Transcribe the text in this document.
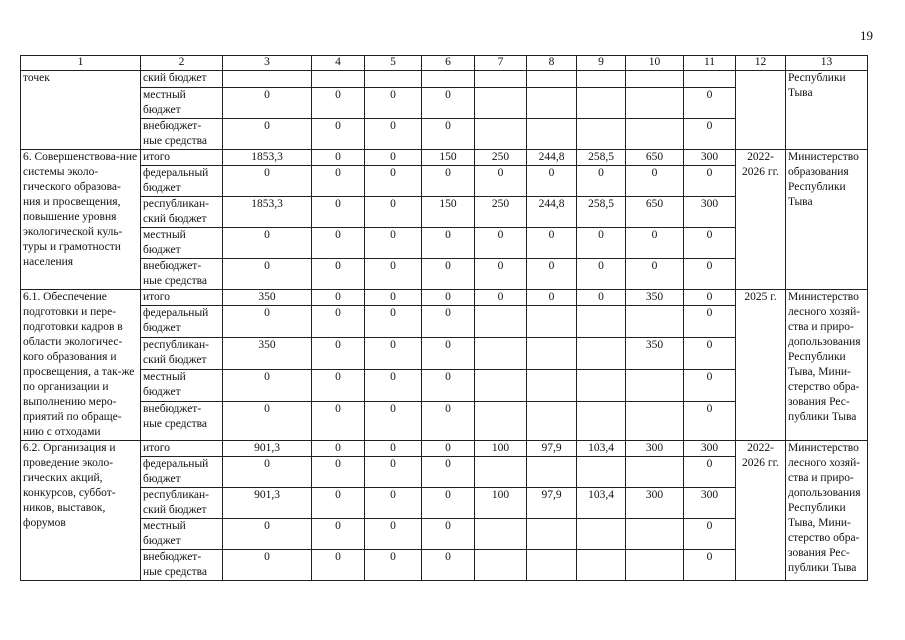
19
1	2	3	4	5	6	7	8	9	10	11	12	13
точек	ский бюджет											Республики Тыва
	местный бюджет	0	0	0	0					0		
	внебюджет-ные средства	0	0	0	0					0		
6. Совершенствова-ние системы эколо-гического образова-ния и просвещения, повышение уровня экологической куль-туры и грамотности населения	итого	1853,3	0	0	150	250	244,8	258,5	650	300	2022-2026 гг.	Министерство образования Республики Тыва
	федеральный бюджет	0	0	0	0	0	0	0	0	0		
	республикан-ский бюджет	1853,3	0	0	150	250	244,8	258,5	650	300		
	местный бюджет	0	0	0	0	0	0	0	0	0		
	внебюджет-ные средства	0	0	0	0	0	0	0	0	0		
6.1. Обеспечение подготовки и пере-подготовки кадров в области экологичес-кого образования и просвещения, а так-же по организации и выполнению меро-приятий по обраще-нию с отходами	итого	350	0	0	0	0	0	0	350	0	2025 г.	Министерство лесного хозяй-ства и приро-допользования Республики Тыва, Мини-стерство обра-зования Рес-публики Тыва
	федеральный бюджет	0	0	0	0					0		
	республикан-ский бюджет	350	0	0	0				350	0		
	местный бюджет	0	0	0	0					0		
	внебюджет-ные средства	0	0	0	0					0		
6.2. Организация и проведение эколо-гических акций, конкурсов, суббот-ников, выставок, форумов	итого	901,3	0	0	0	100	97,9	103,4	300	300	2022-2026 гг.	Министерство лесного хозяй-ства и приро-допользования Республики Тыва, Мини-стерство обра-зования Рес-публики Тыва
	федеральный бюджет	0	0	0	0					0		
	республикан-ский бюджет	901,3	0	0	0	100	97,9	103,4	300	300		
	местный бюджет	0	0	0	0					0		
	внебюджет-ные средства	0	0	0	0					0		
